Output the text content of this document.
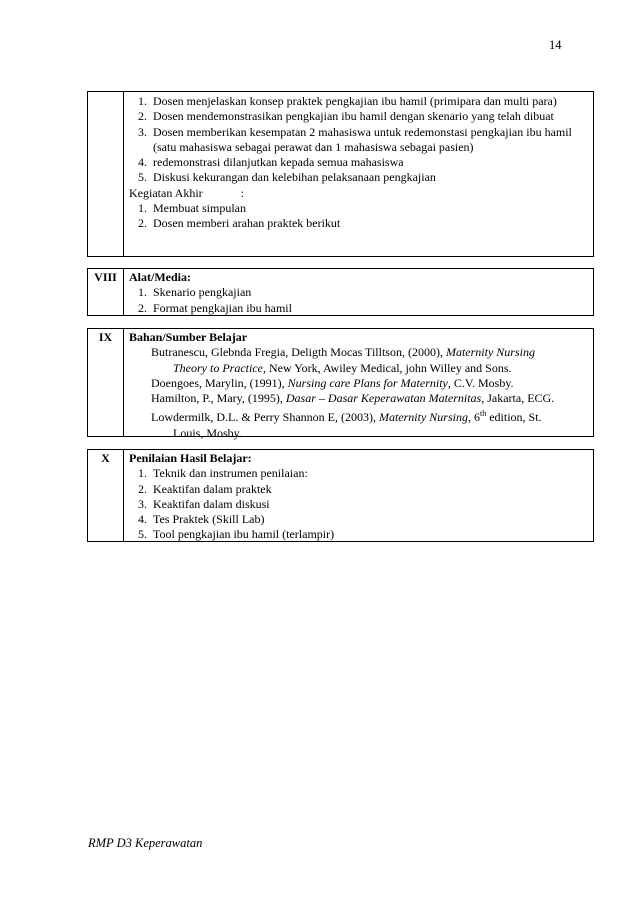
14
1. Dosen menjelaskan konsep praktek pengkajian ibu hamil (primipara dan multi para)
2. Dosen mendemonstrasikan pengkajian ibu hamil dengan skenario yang telah dibuat
3. Dosen memberikan kesempatan 2 mahasiswa untuk redemonstasi pengkajian ibu hamil (satu mahasiswa sebagai perawat dan 1 mahasiswa sebagai pasien)
4. redemonstrasi dilanjutkan kepada semua mahasiswa
5. Diskusi kekurangan dan kelebihan pelaksanaan pengkajian
Kegiatan Akhir	:
1. Membuat simpulan
2. Dosen memberi arahan praktek berikut
VIII	Alat/Media:
1. Skenario pengkajian
2. Format pengkajian ibu hamil
IX	Bahan/Sumber Belajar
Butranescu, Glebnda Fregia, Deligth Mocas Tilltson, (2000), Maternity Nursing
Theory to Practice, New York, Awiley Medical, john Willey and Sons.
Doengoes, Marylin, (1991), Nursing care Plans for Maternity, C.V. Mosby.
Hamilton, P., Mary, (1995), Dasar – Dasar Keperawatan Maternitas, Jakarta, ECG.
Lowdermilk, D.L. & Perry Shannon E, (2003), Maternity Nursing, 6th edition, St.
Louis, Mosby.
X	Penilaian Hasil Belajar:
1. Teknik dan instrumen penilaian:
2. Keaktifan dalam praktek
3. Keaktifan dalam diskusi
4. Tes Praktek (Skill Lab)
5. Tool pengkajian ibu hamil (terlampir)
RMP D3 Keperawatan
